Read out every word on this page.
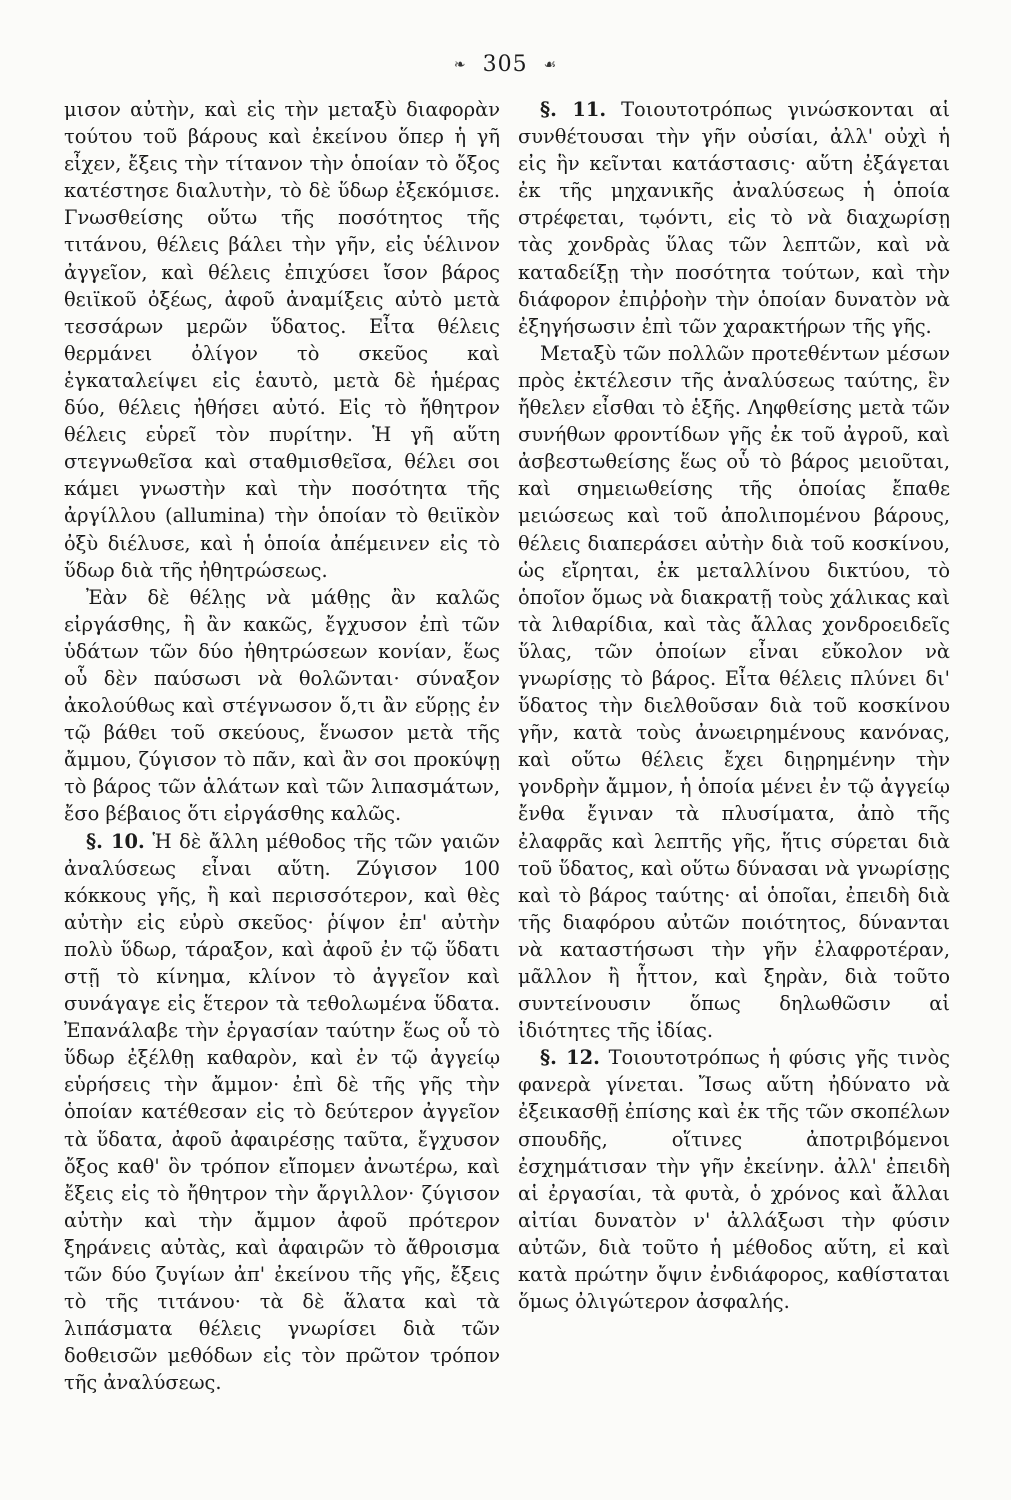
❧ 305 ☙

μισον αὐτὴν, καὶ εἰς τὴν μεταξὺ διαφορὰν τούτου τοῦ βάρους καὶ ἐκείνου ὅπερ ἡ γῆ εἶχεν, ἔξεις τὴν τίτανον τὴν ὁποίαν τὸ ὄξος κατέστησε διαλυτὴν, τὸ δὲ ὕδωρ ἐξεκόμισε. Γνωσθείσης οὕτω τῆς ποσότητος τῆς τιτάνου, θέλεις βάλει τὴν γῆν, εἰς ὑέλινον ἀγγεῖον, καὶ θέλεις ἐπιχύσει ἴσον βάρος θειϊκοῦ ὀξέως, ἀφοῦ ἀναμίξεις αὐτὸ μετὰ τεσσάρων μερῶν ὕδατος. Εἶτα θέλεις θερμάνει ὀλίγον τὸ σκεῦος καὶ ἐγκαταλείψει εἰς ἑαυτὸ, μετὰ δὲ ἡμέρας δύο, θέλεις ἠθήσει αὐτό. Εἰς τὸ ἤθητρον θέλεις εὑρεῖ τὸν πυρίτην. Ἡ γῆ αὕτη στεγνωθεῖσα καὶ σταθμισθεῖσα, θέλει σοι κάμει γνωστὴν καὶ τὴν ποσότητα τῆς ἀργίλλου (allumina) τὴν ὁποίαν τὸ θειϊκὸν ὀξὺ διέλυσε, καὶ ἡ ὁποία ἀπέμεινεν εἰς τὸ ὕδωρ διὰ τῆς ἠθητρώσεως.

Ἐὰν δὲ θέλῃς νὰ μάθῃς ἂν καλῶς εἰργάσθης, ἢ ἂν κακῶς, ἔγχυσον ἐπὶ τῶν ὑδάτων τῶν δύο ἠθητρώσεων κονίαν, ἕως οὗ δὲν παύσωσι νὰ θολῶνται· σύναξον ἀκολούθως καὶ στέγνωσον ὅ,τι ἂν εὕρῃς ἐν τῷ βάθει τοῦ σκεύους, ἕνωσον μετὰ τῆς ἄμμου, ζύγισον τὸ πᾶν, καὶ ἂν σοι προκύψῃ τὸ βάρος τῶν ἁλάτων καὶ τῶν λιπασμάτων, ἔσο βέβαιος ὅτι εἰργάσθης καλῶς.

§. 10. Ἡ δὲ ἄλλη μέθοδος τῆς τῶν γαιῶν ἀναλύσεως εἶναι αὕτη. Ζύγισον 100 κόκκους γῆς, ἢ καὶ περισσότερον, καὶ θὲς αὐτὴν εἰς εὐρὺ σκεῦος· ῥίψον ἐπ' αὐτὴν πολὺ ὕδωρ, τάραξον, καὶ ἀφοῦ ἐν τῷ ὕδατι στῇ τὸ κίνημα, κλίνον τὸ ἀγγεῖον καὶ συνάγαγε εἰς ἕτερον τὰ τεθολωμένα ὕδατα. Ἐπανάλαβε τὴν ἐργασίαν ταύτην ἕως οὗ τὸ ὕδωρ ἐξέλθῃ καθαρὸν, καὶ ἐν τῷ ἀγγείῳ εὑρήσεις τὴν ἄμμον· ἐπὶ δὲ τῆς γῆς τὴν ὁποίαν κατέθεσαν εἰς τὸ δεύτερον ἀγγεῖον τὰ ὕδατα, ἀφοῦ ἀφαιρέσῃς ταῦτα, ἔγχυσον ὄξος καθ' ὃν τρόπον εἴπομεν ἀνωτέρω, καὶ ἔξεις εἰς τὸ ἤθητρον τὴν ἄργιλλον· ζύγισον αὐτὴν καὶ τὴν ἄμμον ἀφοῦ πρότερον ξηράνεις αὐτὰς, καὶ ἀφαιρῶν τὸ ἄθροισμα τῶν δύο ζυγίων ἀπ' ἐκείνου τῆς γῆς, ἔξεις τὸ τῆς τιτάνου· τὰ δὲ ἅλατα καὶ τὰ λιπάσματα θέλεις γνωρίσει διὰ τῶν δοθεισῶν μεθόδων εἰς τὸν πρῶτον τρόπον τῆς ἀναλύσεως.

§. 11. Τοιουτοτρόπως γινώσκονται αἱ συνθέτουσαι τὴν γῆν οὐσίαι, ἀλλ' οὐχὶ ἡ εἰς ἣν κεῖνται κατάστασις· αὕτη ἐξάγεται ἐκ τῆς μηχανικῆς ἀναλύσεως ἡ ὁποία στρέφεται, τῳόντι, εἰς τὸ νὰ διαχωρίσῃ τὰς χονδρὰς ὕλας τῶν λεπτῶν, καὶ νὰ καταδείξῃ τὴν ποσότητα τούτων, καὶ τὴν διάφορον ἐπιῤῥοὴν τὴν ὁποίαν δυνατὸν νὰ ἐξηγήσωσιν ἐπὶ τῶν χαρακτήρων τῆς γῆς.

Μεταξὺ τῶν πολλῶν προτεθέντων μέσων πρὸς ἐκτέλεσιν τῆς ἀναλύσεως ταύτης, ἓν ἤθελεν εἶσθαι τὸ ἑξῆς. Ληφθείσης μετὰ τῶν συνήθων φροντίδων γῆς ἐκ τοῦ ἀγροῦ, καὶ ἀσβεστωθείσης ἕως οὗ τὸ βάρος μειοῦται, καὶ σημειωθείσης τῆς ὁποίας ἔπαθε μειώσεως καὶ τοῦ ἀπολιπομένου βάρους, θέλεις διαπεράσει αὐτὴν διὰ τοῦ κοσκίνου, ὡς εἴρηται, ἐκ μεταλλίνου δικτύου, τὸ ὁποῖον ὅμως νὰ διακρατῇ τοὺς χάλικας καὶ τὰ λιθαρίδια, καὶ τὰς ἄλλας χονδροειδεῖς ὕλας, τῶν ὁποίων εἶναι εὔκολον νὰ γνωρίσῃς τὸ βάρος. Εἶτα θέλεις πλύνει δι' ὕδατος τὴν διελθοῦσαν διὰ τοῦ κοσκίνου γῆν, κατὰ τοὺς ἀνωειρημένους κανόνας, καὶ οὕτω θέλεις ἔχει διῃρημένην τὴν γονδρὴν ἄμμον, ἡ ὁποία μένει ἐν τῷ ἀγγείῳ ἔνθα ἔγιναν τὰ πλυσίματα, ἀπὸ τῆς ἐλαφρᾶς καὶ λεπτῆς γῆς, ἥτις σύρεται διὰ τοῦ ὕδατος, καὶ οὕτω δύνασαι νὰ γνωρίσῃς καὶ τὸ βάρος ταύτης· αἱ ὁποῖαι, ἐπειδὴ διὰ τῆς διαφόρου αὐτῶν ποιότητος, δύνανται νὰ καταστήσωσι τὴν γῆν ἐλαφροτέραν, μᾶλλον ἢ ἧττον, καὶ ξηρὰν, διὰ τοῦτο συντείνουσιν ὅπως δηλωθῶσιν αἱ ἰδιότητες τῆς ἰδίας.

§. 12. Τοιουτοτρόπως ἡ φύσις γῆς τινὸς φανερὰ γίνεται. Ἴσως αὕτη ἠδύνατο νὰ ἐξεικασθῇ ἐπίσης καὶ ἐκ τῆς τῶν σκοπέλων σπουδῆς, οἵτινες ἀποτριβόμενοι ἐσχημάτισαν τὴν γῆν ἐκείνην. ἀλλ' ἐπειδὴ αἱ ἐργασίαι, τὰ φυτὰ, ὁ χρόνος καὶ ἄλλαι αἰτίαι δυνατὸν ν' ἀλλάξωσι τὴν φύσιν αὐτῶν, διὰ τοῦτο ἡ μέθοδος αὕτη, εἰ καὶ κατὰ πρώτην ὄψιν ἐνδιάφορος, καθίσταται ὅμως ὀλιγώτερον ἀσφαλής.
